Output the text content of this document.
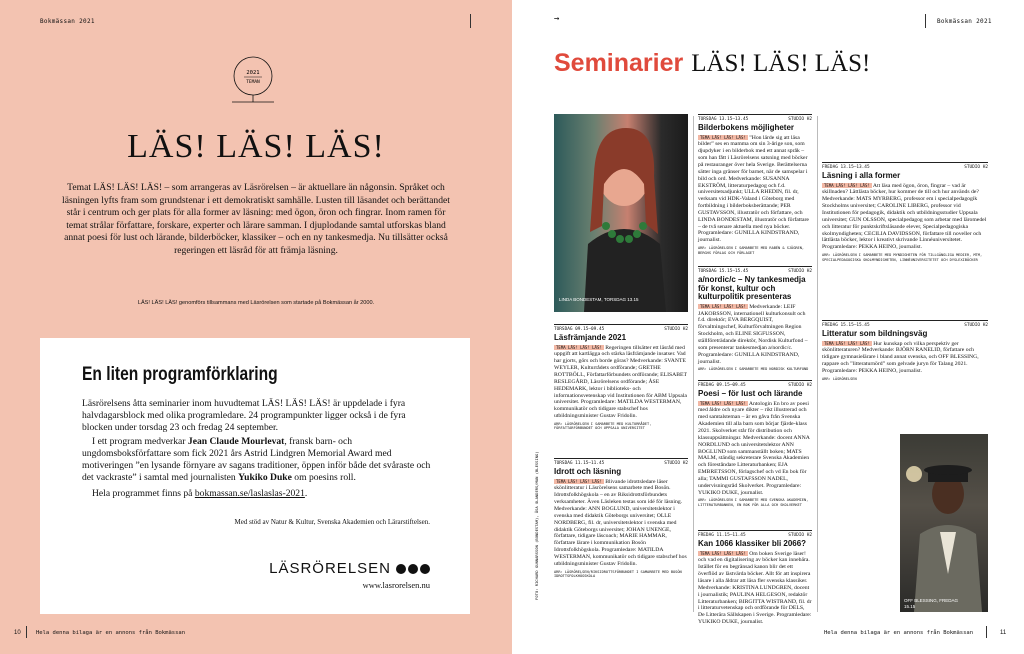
Bokmässan 2021
2021
TEMAN
LÄS! LÄS! LÄS!
Temat LÄS! LÄS! LÄS! – som arrangeras av Läsrörelsen – är aktuellare än någonsin. Språket och läsningen lyfts fram som grundstenar i ett demokratiskt samhälle. Lusten till läsandet och berättandet står i centrum och ger plats för alla former av läsning: med ögon, öron och fingrar. Inom ramen för temat strålar författare, forskare, experter och lärare samman. I djuplodande samtal utforskas bland annat poesi för lust och lärande, bilderböcker, klassiker – och en ny tankesmedja. Nu tillsätter också regeringen ett läsråd för att främja läsning.
LÄS! LÄS! LÄS! genomförs tillsammans med Läsrörelsen som startade på Bokmässan år 2000.
En liten programförklaring
Läsrörelsens åtta seminarier inom huvudtemat LÄS! LÄS! LÄS! är uppdelade i fyra halvdagarsblock med olika programledare. 24 programpunkter ligger också i de fyra blocken under torsdag 23 och fredag 24 september.
I ett program medverkar Jean Claude Mourlevat, fransk barn- och ungdomsboksförfattare som fick 2021 års Astrid Lindgren Memorial Award med motiveringen ”en lysande förnyare av sagans traditioner, öppen inför både det svåraste och det vackraste” i samtal med journalisten Yukiko Duke om poesins roll.
Hela programmet finns på bokmassan.se/laslaslas-2021.
Med stöd av Natur & Kultur, Svenska Akademien och Lärarstiftelsen.
LÄSRÖRELSEN
www.lasrorelsen.nu
10	Hela denna bilaga är en annons från Bokmässan
→	Bokmässan 2021
Seminarier LÄS! LÄS! LÄS!
LINDA BONDESTAM, TORSDAG 13.15
OFF BLESSING, FREDAG 15.15
FOTO: RICHARD GUNNARSSON (BONDESTAM), ÅSA OLANDERS/MAN (BLESSING)
TORSDAG 09.15–09.45	STUDIO H2
Läsfrämjande 2021
TEMA LÄS! LÄS! LÄS! Regeringen tillsätter ett läsråd med uppgift att kartlägga och stärka läsfrämjande insatser. Vad har gjorts, görs och borde göras? Medverkande: SVANTE WEYLER, Kulturrådets ordförande; GRETHE ROTTBÖLL, Författarförbundets ordförande; ELISABET RESLEGÅRD, Läsrörelsens ordförande; ÅSE HEDEMARK, lektor i biblioteks- och informationsvetenskap vid Institutionen för ABM Uppsala universitet. Programledare: MATILDA WESTERMAN, kommunikatör och tidigare stabschef hos utbildningsminister Gustav Fridolin.
ARR: LÄSRÖRELSEN I SAMARBETE MED KULTURRÅDET, FÖRFATTARFÖRBUNDET OCH UPPSALA UNIVERSITET
TORSDAG 11.15–11.45	STUDIO H2
Idrott och läsning
TEMA LÄS! LÄS! LÄS! Blivande idrottsledare läser skönlitteratur i Läsrörelsens samarbete med Bosön. Idrottsfolkhögskola – en av Riksidrottsförbundets verksamheter. Även Läsleken testas som idé för läsning. Medverkande: ANN BOGLUND, universitetslektor i svenska med didaktik Göteborgs universitet; OLLE NORDBERG, fil. dr, universitetslektor i svenska med didaktik Göteborgs universitet; JOHAN UNENGE, författare, tidigare läscoach; MARIE HAMMAR, författare lärare i kommunikation Bosön Idrottsfolkhögskola. Programledare: MATILDA WESTERMAN, kommunikatör och tidigare stabschef hos utbildningsminister Gustav Fridolin.
ARR: LÄSRÖRELSEN/RIKSIDROTTSFÖRBUNDET I SAMARBETE MED BOSÖN IDROTTSFOLKHÖGSKOLA
TORSDAG 13.15–13.45	STUDIO H2
Bilderbokens möjligheter
TEMA LÄS! LÄS! LÄS! ”Hon lärde sig att läsa bilder” ses en mamma om sin 3-årige son, som djupdyker i en bilderbok med ett annat språk – som han fått i Läsrörelsens satsning med böcker på restauranger över hela Sverige. Berättelserna sätter inga gränser för barnet, när de samspelar i bild och ord. Medverkande: SUSANNA EKSTRÖM, litteraturpedagog och f.d. universitetsadjunkt; ULLA RHEDIN, fil. dr, verksam vid HDK-Valand i Göteborg med fortbildning i bilderboksberättande; PER GUSTAVSSON, illustratör och författare, och LINDA BONDESTAM, illustratör och författare – de två senare aktuella med nya böcker. Programledare: GUNILLA KINDSTRAND, journalist.
ARR: LÄSRÖRELSEN I SAMARBETE MED RABÉN & SJÖGREN, BERGHS FÖRLAG OCH FÖRLAGET
TORSDAG 15.15–15.45	STUDIO H2
a/nordic/c – Ny tankesmedja för konst, kultur och kulturpolitik presenteras
TEMA LÄS! LÄS! LÄS! Medverkande: LEIF JAKOBSSON, internationell kulturkonsult och f.d. direktör; EVA BERGQUIST, förvaltningschef, Kulturförvaltningen Region Stockholm, och ELINE SIGFUSSON, ställföreträdande direktör, Nordisk Kulturfond – som presenterar tankesmedjan a/nordic/c. Programledare: GUNILLA KINDSTRAND, journalist.
ARR: LÄSRÖRELSEN I SAMARBETE MED NORDISK KULTURFOND
FREDAG 09.15–09.45	STUDIO H2
Poesi – för lust och lärande
TEMA LÄS! LÄS! LÄS! Antologin En bro av poesi med åldre och nyare dikter – rikt illustrerad och med samtalsteman – är en gåva från Svenska Akademien till alla barn som börjar fjärde-klass 2021. Skolverket står för distribution och klassuppsättningar. Medverkande: docent ANNA NORDLUND och universitetslektor ANN BOGLUND som sammanställt boken; MATS MALM, ständig sekreterare Svenska Akademien och föreståndare Litteraturbanken; EJA EMBRETSSON, förlagschef och vd En bok för alla; TAMMI GUSTAFSSON NADEL, undervisningsråd Skolverket. Programledare: YUKIKO DUKE, journalist.
ARR: LÄSRÖRELSEN I SAMARBETE MED SVENSKA AKADEMIEN, LITTERATURBANKEN, EN BOK FÖR ALLA OCH SKOLVERKET
FREDAG 11.15–11.45	STUDIO H2
Kan 1066 klassiker bli 2066?
TEMA LÄS! LÄS! LÄS! Om boken Sverige läser! och vad en digitalisering av böcker kan innebära. Istället för en begränsad kanon blir det ett överflöd av lästvärda böcker. Allt för att inspirera läsare i alla åldrar att läsa fler svenska klassiker. Medverkande: KRISTINA LUNDGREN, docent i journalistik; PAULINA HELGESON, redaktör Litteraturbanken; BIRGITTA WISTRAND, fil. dr i litteraturvetenskap och ordförande för DELS, De Litterära Sällskapen i Sverige. Programledare: YUKIKO DUKE, journalist.
FREDAG 13.15–13.45	STUDIO H2
Läsning i alla former
TEMA LÄS! LÄS! LÄS! Att läsa med ögon, öron, fingrar – vad är skillnaden? Lättlästa böcker, hur kommer de till och hur används de? Medverkande: MATS MYRBERG, professor em i specialpedagogik Stockholms universitet; CAROLINE LIBERG, professor vid Institutionen för pedagogik, didaktik och utbildningsstudier Uppsala universitet; GUN OLSSON, specialpedagog som arbetar med läromedel och litteratur för punktskriftsläsande elever, Specialpedagogiska skolmyndigheten; CECILIA DAVIDSSON, författare till noveller och lättlästa böcker, lektor i kreativt skrivande Linnéuniversitetet. Programledare: PEKKA HEINO, journalist.
ARR: LÄSRÖRELSEN I SAMARBETE MED MYNDIGHETEN FÖR TILLGÄNGLIGA MEDIER, MTM, SPECIALPEDAGOGISKA SKOLMYNDIGHETEN, LINNÉUNIVERSITETET OCH DYSLEXIBÖCKER
FREDAG 15.15–15.45	STUDIO H2
Litteratur som bildningsväg
TEMA LÄS! LÄS! LÄS! Hur kunskap och vilka perspektiv ger skönlitteraturen? Medverkande: BJÖRN RANELID, författare och tidigare gymnasielärare i bland annat svenska, och OFF BLESSING, rappare och ”litteraturnörd” som gelvade juryn för Talang 2021. Programledare: PEKKA HEINO, journalist.
ARR: LÄSRÖRELSEN
Hela denna bilaga är en annons från Bokmässan	11
